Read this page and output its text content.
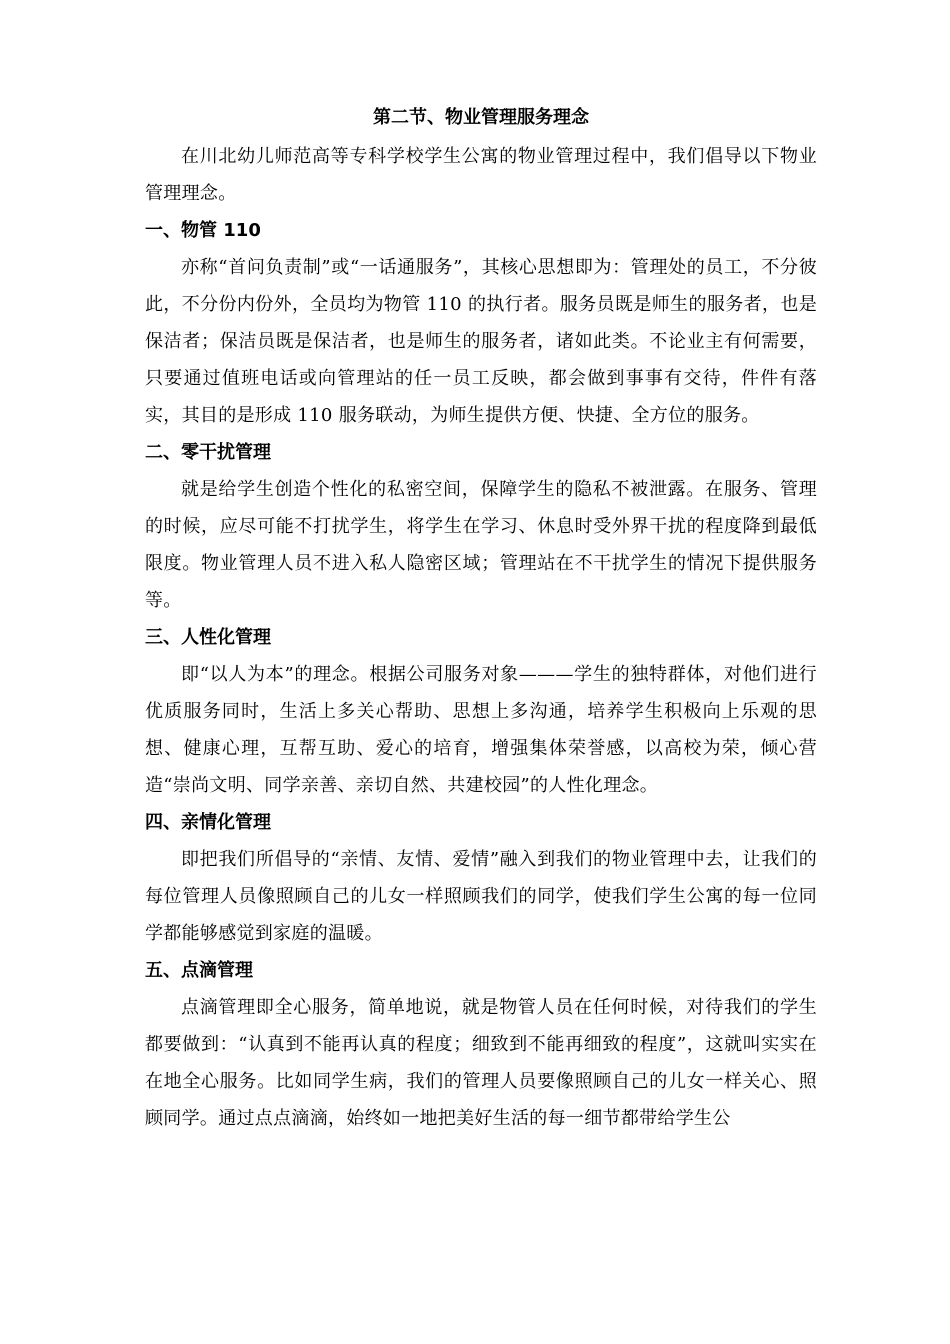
第二节、物业管理服务理念

在川北幼儿师范高等专科学校学生公寓的物业管理过程中，我们倡导以下物业管理理念。

一、物管 110

亦称“首问负责制”或“一话通服务”，其核心思想即为：管理处的员工，不分彼此，不分份内份外，全员均为物管 110 的执行者。服务员既是师生的服务者，也是保洁者；保洁员既是保洁者，也是师生的服务者，诸如此类。不论业主有何需要，只要通过值班电话或向管理站的任一员工反映，都会做到事事有交待，件件有落实，其目的是形成 110 服务联动，为师生提供方便、快捷、全方位的服务。

二、零干扰管理

就是给学生创造个性化的私密空间，保障学生的隐私不被泄露。在服务、管理的时候，应尽可能不打扰学生，将学生在学习、休息时受外界干扰的程度降到最低限度。物业管理人员不进入私人隐密区域；管理站在不干扰学生的情况下提供服务等。

三、人性化管理

即“以人为本”的理念。根据公司服务对象———学生的独特群体，对他们进行优质服务同时，生活上多关心帮助、思想上多沟通，培养学生积极向上乐观的思想、健康心理，互帮互助、爱心的培育，增强集体荣誉感，以高校为荣，倾心营造“崇尚文明、同学亲善、亲切自然、共建校园”的人性化理念。

四、亲情化管理

即把我们所倡导的“亲情、友情、爱情”融入到我们的物业管理中去，让我们的每位管理人员像照顾自己的儿女一样照顾我们的同学，使我们学生公寓的每一位同学都能够感觉到家庭的温暖。

五、点滴管理

点滴管理即全心服务，简单地说，就是物管人员在任何时候，对待我们的学生都要做到：“认真到不能再认真的程度；细致到不能再细致的程度”，这就叫实实在在地全心服务。比如同学生病，我们的管理人员要像照顾自己的儿女一样关心、照顾同学。通过点点滴滴，始终如一地把美好生活的每一细节都带给学生公
